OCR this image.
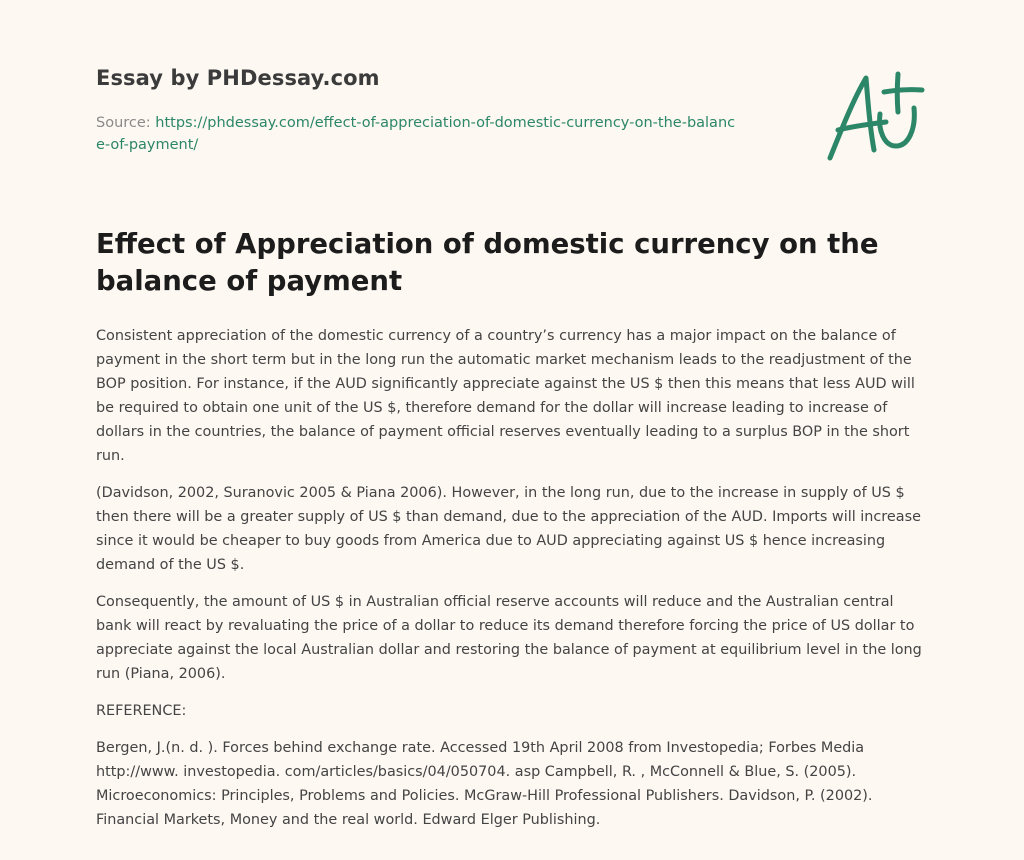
Essay by PHDessay.com
Source: https://phdessay.com/effect-of-appreciation-of-domestic-currency-on-the-balance-of-payment/
Effect of Appreciation of domestic currency on the balance of payment

Consistent appreciation of the domestic currency of a country’s currency has a major impact on the balance of payment in the short term but in the long run the automatic market mechanism leads to the readjustment of the BOP position. For instance, if the AUD significantly appreciate against the US $ then this means that less AUD will be required to obtain one unit of the US $, therefore demand for the dollar will increase leading to increase of dollars in the countries, the balance of payment official reserves eventually leading to a surplus BOP in the short run.

(Davidson, 2002, Suranovic 2005 & Piana 2006). However, in the long run, due to the increase in supply of US $ then there will be a greater supply of US $ than demand, due to the appreciation of the AUD. Imports will increase since it would be cheaper to buy goods from America due to AUD appreciating against US $ hence increasing demand of the US $.

Consequently, the amount of US $ in Australian official reserve accounts will reduce and the Australian central bank will react by revaluating the price of a dollar to reduce its demand therefore forcing the price of US dollar to appreciate against the local Australian dollar and restoring the balance of payment at equilibrium level in the long run (Piana, 2006).

REFERENCE:

Bergen, J.(n. d. ). Forces behind exchange rate. Accessed 19th April 2008 from Investopedia; Forbes Media http://www. investopedia. com/articles/basics/04/050704. asp Campbell, R. , McConnell & Blue, S. (2005). Microeconomics: Principles, Problems and Policies. McGraw-Hill Professional Publishers. Davidson, P. (2002). Financial Markets, Money and the real world. Edward Elger Publishing.
